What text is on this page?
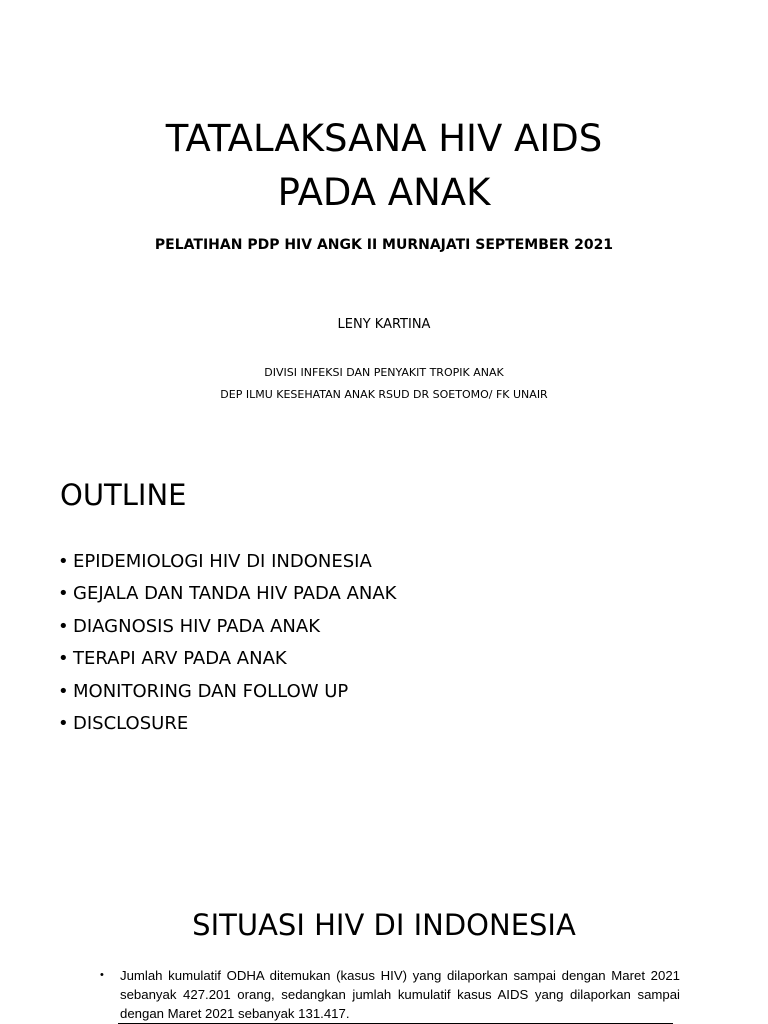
TATALAKSANA HIV AIDS
PADA ANAK

PELATIHAN PDP HIV ANGK II MURNAJATI SEPTEMBER 2021

LENY KARTINA

DIVISI INFEKSI DAN PENYAKIT TROPIK ANAK

DEP ILMU KESEHATAN ANAK RSUD DR SOETOMO/ FK UNAIR

OUTLINE
• EPIDEMIOLOGI HIV DI INDONESIA
• GEJALA DAN TANDA HIV PADA ANAK
• DIAGNOSIS HIV PADA ANAK
• TERAPI ARV PADA ANAK
• MONITORING DAN FOLLOW UP
• DISCLOSURE
SITUASI HIV DI INDONESIA
• Jumlah kumulatif ODHA ditemukan (kasus HIV) yang dilaporkan sampai dengan Maret 2021 sebanyak 427.201 orang, sedangkan jumlah kumulatif kasus AIDS yang dilaporkan sampai dengan Maret 2021 sebanyak 131.417.
